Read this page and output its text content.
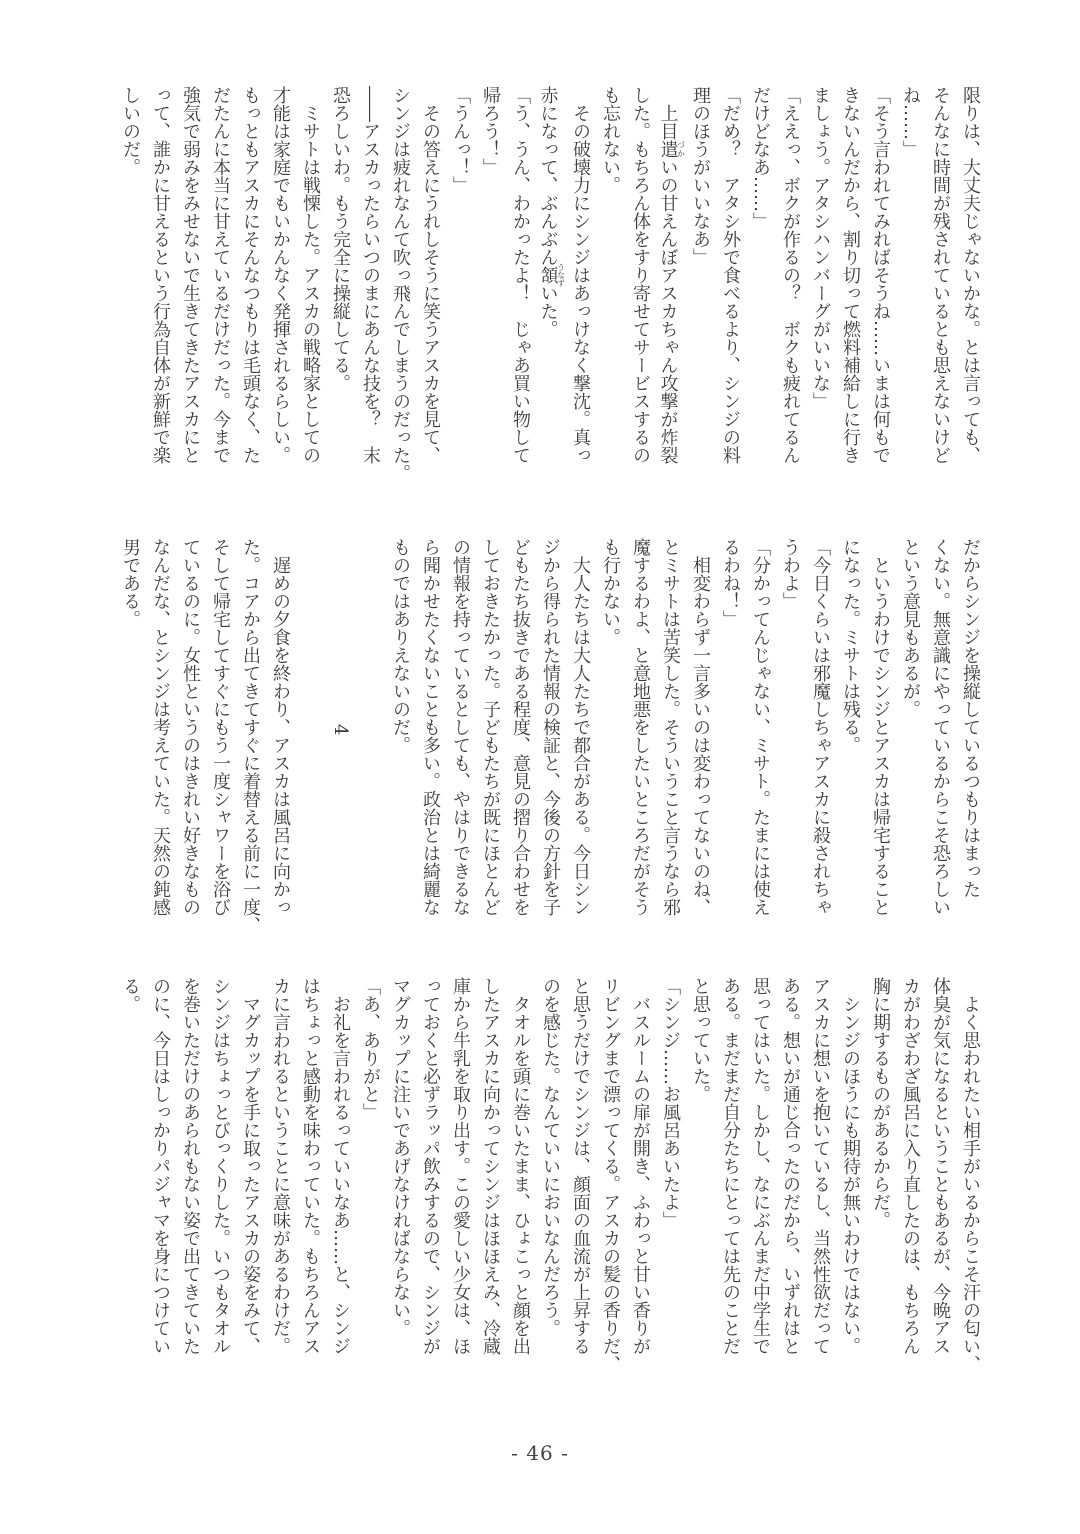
限りは、大丈夫じゃないかな。とは言っても、
そんなに時間が残されているとも思えないけど
ね……」
「そう言われてみればそうね……いまは何もで
きないんだから、割り切って燃料補給しに行き
ましょう。アタシハンバーグがいいな」
「ええっ、ボクが作るの？　ボクも疲れてるん
だけどなあ……」
「だめ？　アタシ外で食べるより、シンジの料
理のほうがいいなあ」
　上目遣づかいの甘えんぼアスカちゃん攻撃が炸裂
した。もちろん体をすり寄せてサービスするの
も忘れない。
　その破壊力にシンジはあっけなく撃沈。真っ
赤になって、ぶんぶん頷うなずいた。
「う、うん、わかったよ！　じゃあ買い物して
帰ろう！」
「うんっ！」
　その答えにうれしそうに笑うアスカを見て、
シンジは疲れなんて吹っ飛んでしまうのだった。
――アスカったらいつのまにあんな技を？　末
恐ろしいわ。もう完全に操縦してる。
　ミサトは戦慄した。アスカの戦略家としての
才能は家庭でもいかんなく発揮されるらしい。
もっともアスカにそんなつもりは毛頭なく、た
だたんに本当に甘えているだけだった。今まで
強気で弱みをみせないで生きてきたアスカにと
って、誰かに甘えるという行為自体が新鮮で楽
しいのだ。
だからシンジを操縦しているつもりはまった
くない。無意識にやっているからこそ恐ろしい
という意見もあるが。
　というわけでシンジとアスカは帰宅すること
になった。ミサトは残る。
「今日くらいは邪魔しちゃアスカに殺されちゃ
うわよ」
「分かってんじゃない、ミサト。たまには使え
るわね！」
　相変わらず一言多いのは変わってないのね、
とミサトは苦笑した。そういうこと言うなら邪
魔するわよ、と意地悪をしたいところだがそう
も行かない。
　大人たちは大人たちで都合がある。今日シン
ジから得られた情報の検証と、今後の方針を子
どもたち抜きである程度、意見の摺り合わせを
しておきたかった。子どもたちが既にほとんど
の情報を持っているとしても、やはりできるな
ら聞かせたくないことも多い。政治とは綺麗な
ものではありえないのだ。
4
　遅めの夕食を終わり、アスカは風呂に向かっ
た。コアから出てきてすぐに着替える前に一度、
そして帰宅してすぐにもう一度シャワーを浴び
ているのに。女性というのはきれい好きなもの
なんだな、とシンジは考えていた。天然の鈍感
男である。
　よく思われたい相手がいるからこそ汗の匂い、
体臭が気になるということもあるが、今晩アス
カがわざわざ風呂に入り直したのは、もちろん
胸に期するものがあるからだ。
　シンジのほうにも期待が無いわけではない。
アスカに想いを抱いているし、当然性欲だって
ある。想いが通じ合ったのだから、いずれはと
思ってはいた。しかし、なにぶんまだ中学生で
ある。まだまだ自分たちにとっては先のことだ
と思っていた。
「シンジ……お風呂あいたよ」
　バスルームの扉が開き、ふわっと甘い香りが
リビングまで漂ってくる。アスカの髪の香りだ、
と思うだけでシンジは、顔面の血流が上昇する
のを感じた。なんていいにおいなんだろう。
　タオルを頭に巻いたまま、ひょこっと顔を出
したアスカに向かってシンジはほほえみ、冷蔵
庫から牛乳を取り出す。この愛しい少女は、ほ
っておくと必ずラッパ飲みするので、シンジが
マグカップに注いであげなければならない。
「あ、ありがと」
　お礼を言われるっていいなあ……と、シンジ
はちょっと感動を味わっていた。もちろんアス
カに言われるということに意味があるわけだ。
　マグカップを手に取ったアスカの姿をみて、
シンジはちょっとびっくりした。いつもタオル
を巻いただけのあられもない姿で出てきていた
のに、今日はしっかりパジャマを身につけてい
る。
- 46 -
